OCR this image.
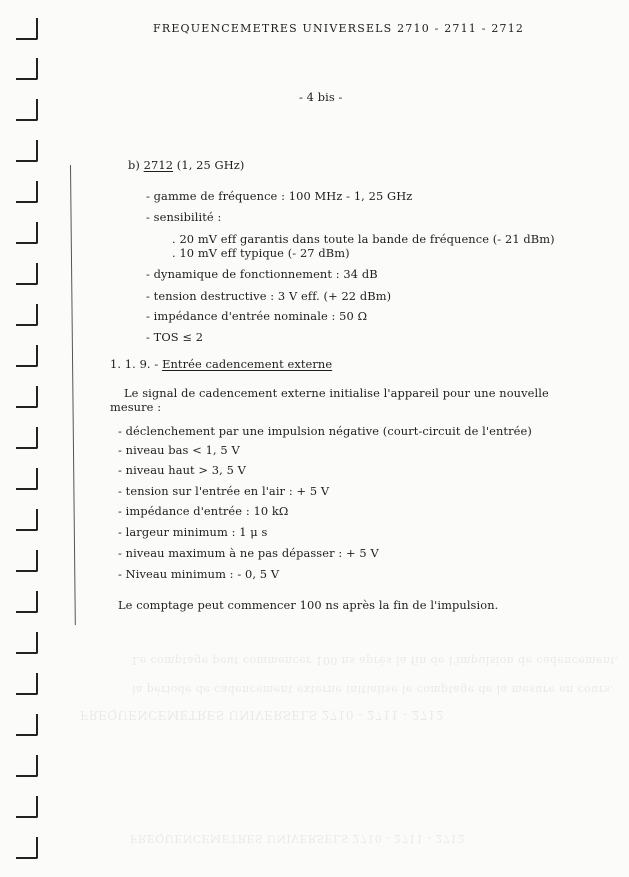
Le comptage peut commencer 100 ns après la fin de l'impulsion de cadencement.
la période de cadencement externe initialise le comptage de la mesure en cours.
FREQUENCEMETRES UNIVERSELS 2710 - 2711 - 2712
FREQUENCEMETRES UNIVERSELS 2710 - 2711 - 2712
FREQUENCEMETRES UNIVERSELS 2710 - 2711 - 2712
- 4 bis -
b) 2712 (1, 25 GHz)
- gamme de fréquence : 100 MHz - 1, 25 GHz
- sensibilité :
. 20 mV eff garantis dans toute la bande de fréquence (- 21 dBm)
. 10 mV eff typique (- 27 dBm)
- dynamique de fonctionnement : 34 dB
- tension destructive : 3 V eff. (+ 22 dBm)
- impédance d'entrée nominale : 50 Ω
- TOS ≤ 2
1. 1. 9. - Entrée cadencement externe
Le signal de cadencement externe initialise l'appareil pour une nouvelle
mesure :
- déclenchement par une impulsion négative (court-circuit de l'entrée)
- niveau bas < 1, 5 V
- niveau haut > 3, 5 V
- tension sur l'entrée en l'air : + 5 V
- impédance d'entrée : 10 kΩ
- largeur minimum : 1 μ s
- niveau maximum à ne pas dépasser : + 5 V
- Niveau minimum : - 0, 5 V
Le comptage peut commencer 100 ns après la fin de l'impulsion.
